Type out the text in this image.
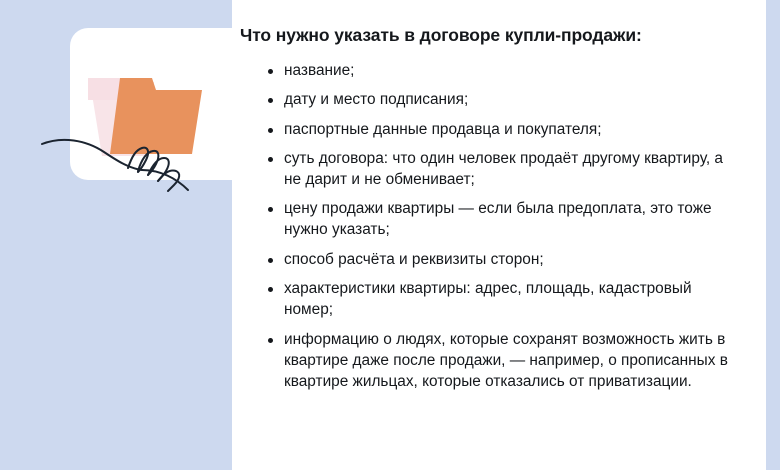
Что нужно указать в договоре купли-продажи:
название;
дату и место подписания;
паспортные данные продавца и покупателя;
суть договора: что один человек продаёт другому квартиру, а не дарит и не обменивает;
цену продажи квартиры — если была предоплата, это тоже нужно указать;
способ расчёта и реквизиты сторон;
характеристики квартиры: адрес, площадь, кадастровый номер;
информацию о людях, которые сохранят возможность жить в квартире даже после продажи, — например, о прописанных в квартире жильцах, которые отказались от приватизации.
